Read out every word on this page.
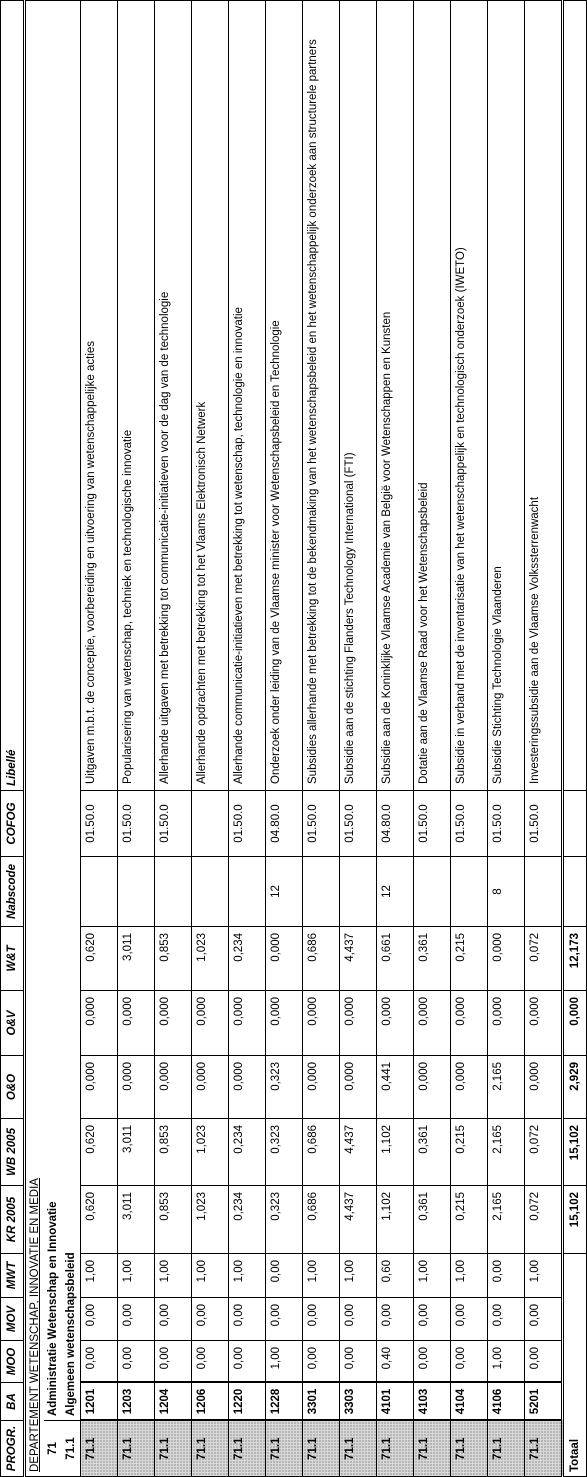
PROGR.	BA	MOO	MOV	MWT	KR 2005	WB 2005	O&O	O&V	W&T	Nabscode	COFOG	Libellé
DEPARTEMENT WETENSCHAP, INNOVATIE EN MEDIA												
71	Administratie Wetenschap en Innovatie											
71.1	Algemeen wetenschapsbeleid											
71.1	1201	0,00	0,00	1,00	0,620	0,620	0,000	0,000	0,620		01.50.0	Uitgaven m.b.t. de conceptie, voorbereiding en uitvoering van wetenschappelijke acties
71.1	1203	0,00	0,00	1,00	3,011	3,011	0,000	0,000	3,011		01.50.0	Popularisering van wetenschap, techniek en technologische innovatie
71.1	1204	0,00	0,00	1,00	0,853	0,853	0,000	0,000	0,853		01.50.0	Allerhande uitgaven met betrekking tot communicatie-initiatieven voor de dag van de technologie
71.1	1206	0,00	0,00	1,00	1,023	1,023	0,000	0,000	1,023			Allerhande opdrachten met betrekking tot het Vlaams Elektronisch Netwerk
71.1	1220	0,00	0,00	1,00	0,234	0,234	0,000	0,000	0,234		01.50.0	Allerhande communicatie-initiatieven met betrekking tot wetenschap, technologie en innovatie
71.1	1228	1,00	0,00	0,00	0,323	0,323	0,323	0,000	0,000	12	04.80.0	Onderzoek onder leiding van de Vlaamse minister voor Wetenschapsbeleid en Technologie
71.1	3301	0,00	0,00	1,00	0,686	0,686	0,000	0,000	0,686		01.50.0	Subsidies allerhande met betrekking tot de bekendmaking van het wetenschapsbeleid en het wetenschappelijk onderzoek aan structurele partners
71.1	3303	0,00	0,00	1,00	4,437	4,437	0,000	0,000	4,437		01.50.0	Subsidie aan de stichting Flanders Technology International (FTI)
71.1	4101	0,40	0,00	0,60	1,102	1,102	0,441	0,000	0,661	12	04.80.0	Subsidie aan de Koninklijke Vlaamse Academie van België voor Wetenschappen en Kunsten
71.1	4103	0,00	0,00	1,00	0,361	0,361	0,000	0,000	0,361		01.50.0	Dotatie aan de Vlaamse Raad voor het Wetenschapsbeleid
71.1	4104	0,00	0,00	1,00	0,215	0,215	0,000	0,000	0,215		01.50.0	Subsidie in verband met de inventarisatie van het wetenschappelijk en technologisch onderzoek (IWETO)
71.1	4106	1,00	0,00	0,00	2,165	2,165	2,165	0,000	0,000	8	01.50.0	Subsidie Stichting Technologie Vlaanderen
71.1	5201	0,00	0,00	1,00	0,072	0,072	0,000	0,000	0,072		01.50.0	Investeringssubsidie aan de Vlaamse Volkssterrenwacht
Totaal					15,102	15,102	2,929	0,000	12,173			
